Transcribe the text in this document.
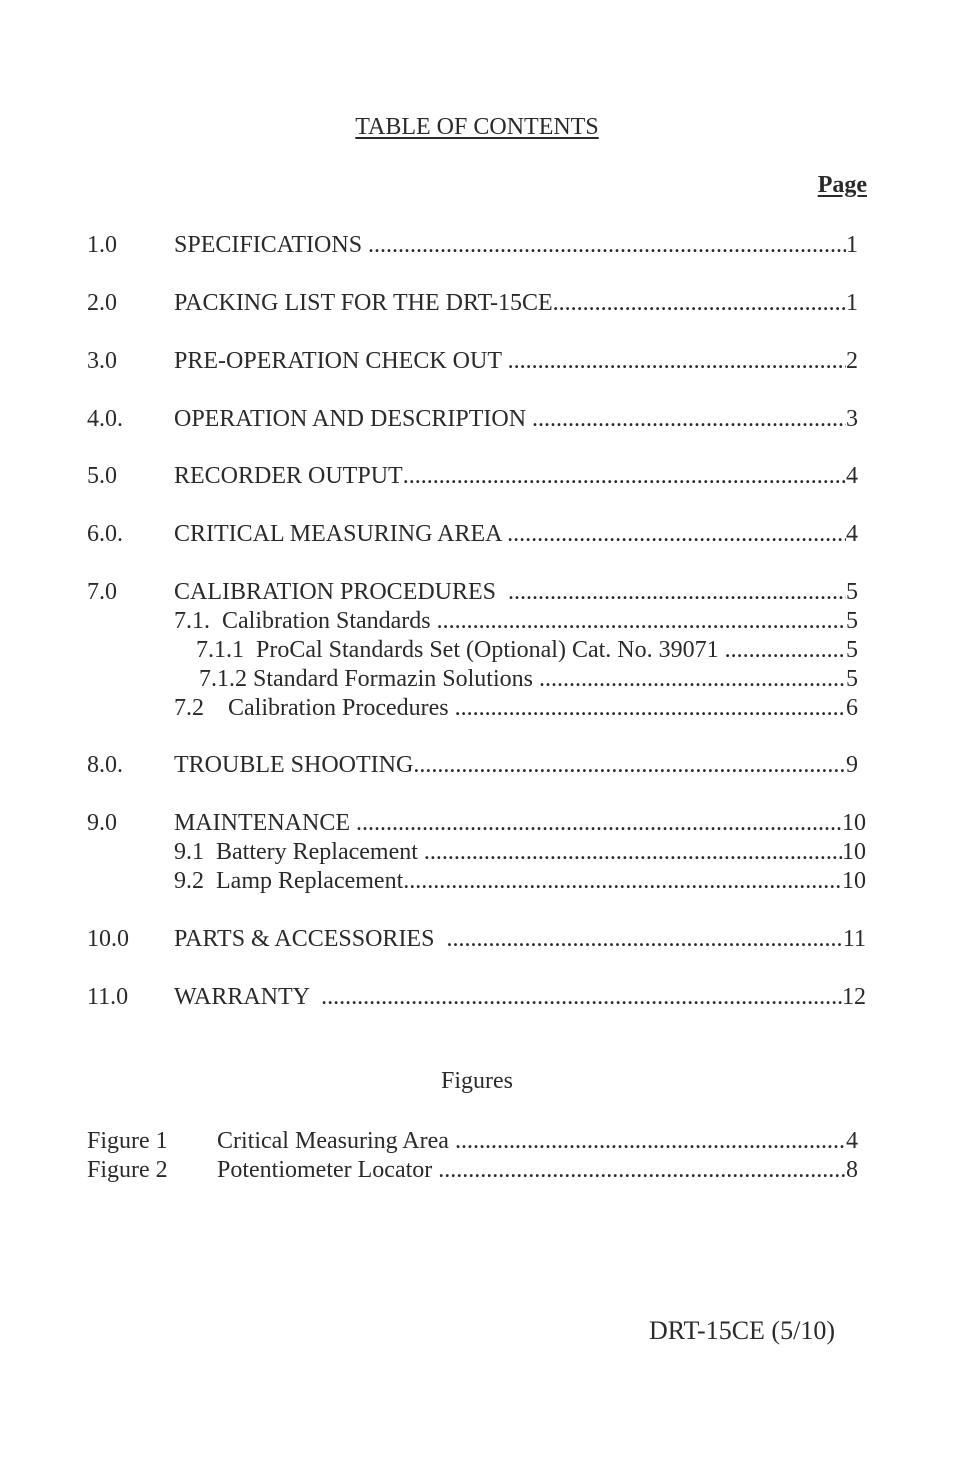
TABLE OF CONTENTS
Page
1.0 SPECIFICATIONS .....	1
2.0 PACKING LIST FOR THE DRT-15CE .....	1
3.0 PRE-OPERATION CHECK OUT .....	2
4.0. OPERATION AND DESCRIPTION .....	3
5.0 RECORDER OUTPUT .....	4
6.0. CRITICAL MEASURING AREA .....	4
7.0 CALIBRATION PROCEDURES .....	5
7.1.  Calibration Standards .....	5
7.1.1  ProCal Standards Set (Optional) Cat. No. 39071 .....	5
7.1.2 Standard Formazin Solutions .....	5
7.2    Calibration Procedures .....	6
8.0. TROUBLE SHOOTING .....	9
9.0 MAINTENANCE .....	10
9.1  Battery Replacement .....	10
9.2  Lamp Replacement .....	10
10.0 PARTS & ACCESSORIES .....	11
11.0 WARRANTY .....	12
Figures
Figure 1 Critical Measuring Area .....	4
Figure 2 Potentiometer Locator .....	8
DRT-15CE (5/10)
